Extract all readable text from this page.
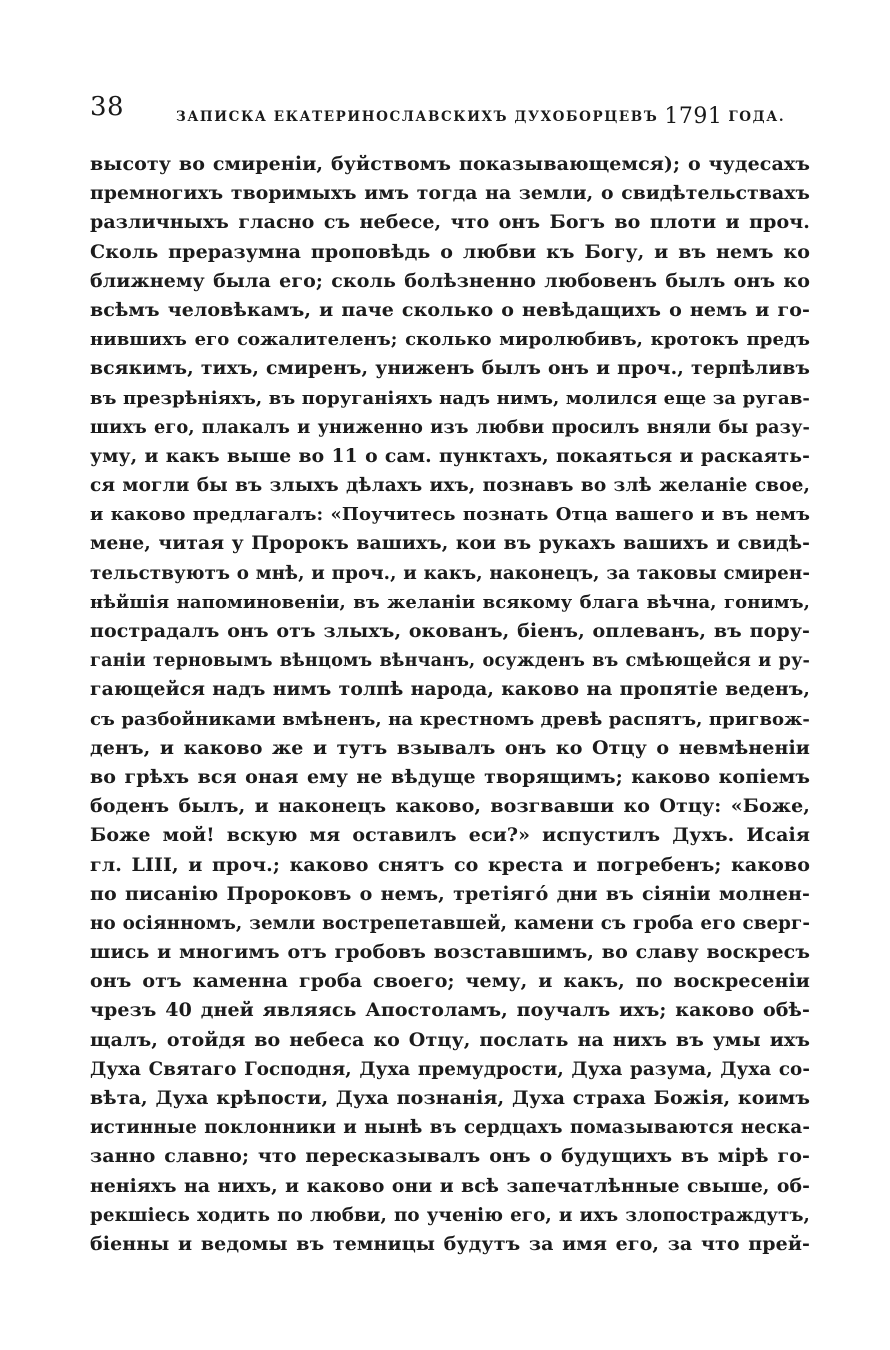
38	ЗАПИСКА ЕКАТЕРИНОСЛАВСКИХЪ ДУХОБОРЦЕВЪ 1791 ГОДА.
высоту во смиреніи, буйствомъ показывающемся); о чудесахъ
премногихъ творимыхъ имъ тогда на земли, о свидѣтельствахъ
различныхъ гласно съ небесе, что онъ Богъ во плоти и проч.
Сколь преразумна проповѣдь о любви къ Богу, и въ немъ ко
ближнему была его; сколь болѣзненно любовенъ былъ онъ ко
всѣмъ человѣкамъ, и паче сколько о невѣдащихъ о немъ и го-
нившихъ его сожалителенъ; сколько миролюбивъ, кротокъ предъ
всякимъ, тихъ, смиренъ, униженъ былъ онъ и проч., терпѣливъ
въ презрѣніяхъ, въ поруганіяхъ надъ нимъ, молился еще за ругав-
шихъ его, плакалъ и униженно изъ любви просилъ вняли бы разу-
уму, и какъ выше во 11 о сам. пунктахъ, покаяться и раскаять-
ся могли бы въ злыхъ дѣлахъ ихъ, познавъ во злѣ желаніе свое,
и каково предлагалъ: «Поучитесь познать Отца вашего и въ немъ
мене, читая у Пророкъ вашихъ, кои въ рукахъ вашихъ и свидѣ-
тельствуютъ о мнѣ, и проч., и какъ, наконецъ, за таковы смирен-
нѣйшія напоминовеніи, въ желаніи всякому блага вѣчна, гонимъ,
пострадалъ онъ отъ злыхъ, окованъ, біенъ, оплеванъ, въ пору-
ганіи терновымъ вѣнцомъ вѣнчанъ, осужденъ въ смѣющейся и ру-
гающейся надъ нимъ толпѣ народа, каково на пропятіе веденъ,
съ разбойниками вмѣненъ, на крестномъ древѣ распятъ, пригвож-
денъ, и каково же и тутъ взывалъ онъ ко Отцу о невмѣненіи
во грѣхъ вся оная ему не вѣдуще творящимъ; каково копіемъ
боденъ былъ, и наконецъ каково, возгвавши ко Отцу: «Боже,
Боже мой! вскую мя оставилъ еси?» испустилъ Духъ. Исаія
гл. LIII, и проч.; каково снятъ со креста и погребенъ; каково
по писанію Пророковъ о немъ, третіягó дни въ сіяніи молнен-
но осіянномъ, земли вострепетавшей, камени съ гроба его сверг-
шись и многимъ отъ гробовъ возставшимъ, во славу воскресъ
онъ отъ каменна гроба своего; чему, и какъ, по воскресеніи
чрезъ 40 дней являясь Апостоламъ, поучалъ ихъ; каково обѣ-
щалъ, отойдя во небеса ко Отцу, послать на нихъ въ умы ихъ
Духа Святаго Господня, Духа премудрости, Духа разума, Духа со-
вѣта, Духа крѣпости, Духа познанія, Духа страха Божія, коимъ
истинные поклонники и нынѣ въ сердцахъ помазываются неска-
занно славно; что пересказывалъ онъ о будущихъ въ мірѣ го-
неніяхъ на нихъ, и каково они и всѣ запечатлѣнные свыше, об-
рекшіесь ходить по любви, по ученію его, и ихъ злопостраждутъ,
біенны и ведомы въ темницы будутъ за имя его, за что прей-
